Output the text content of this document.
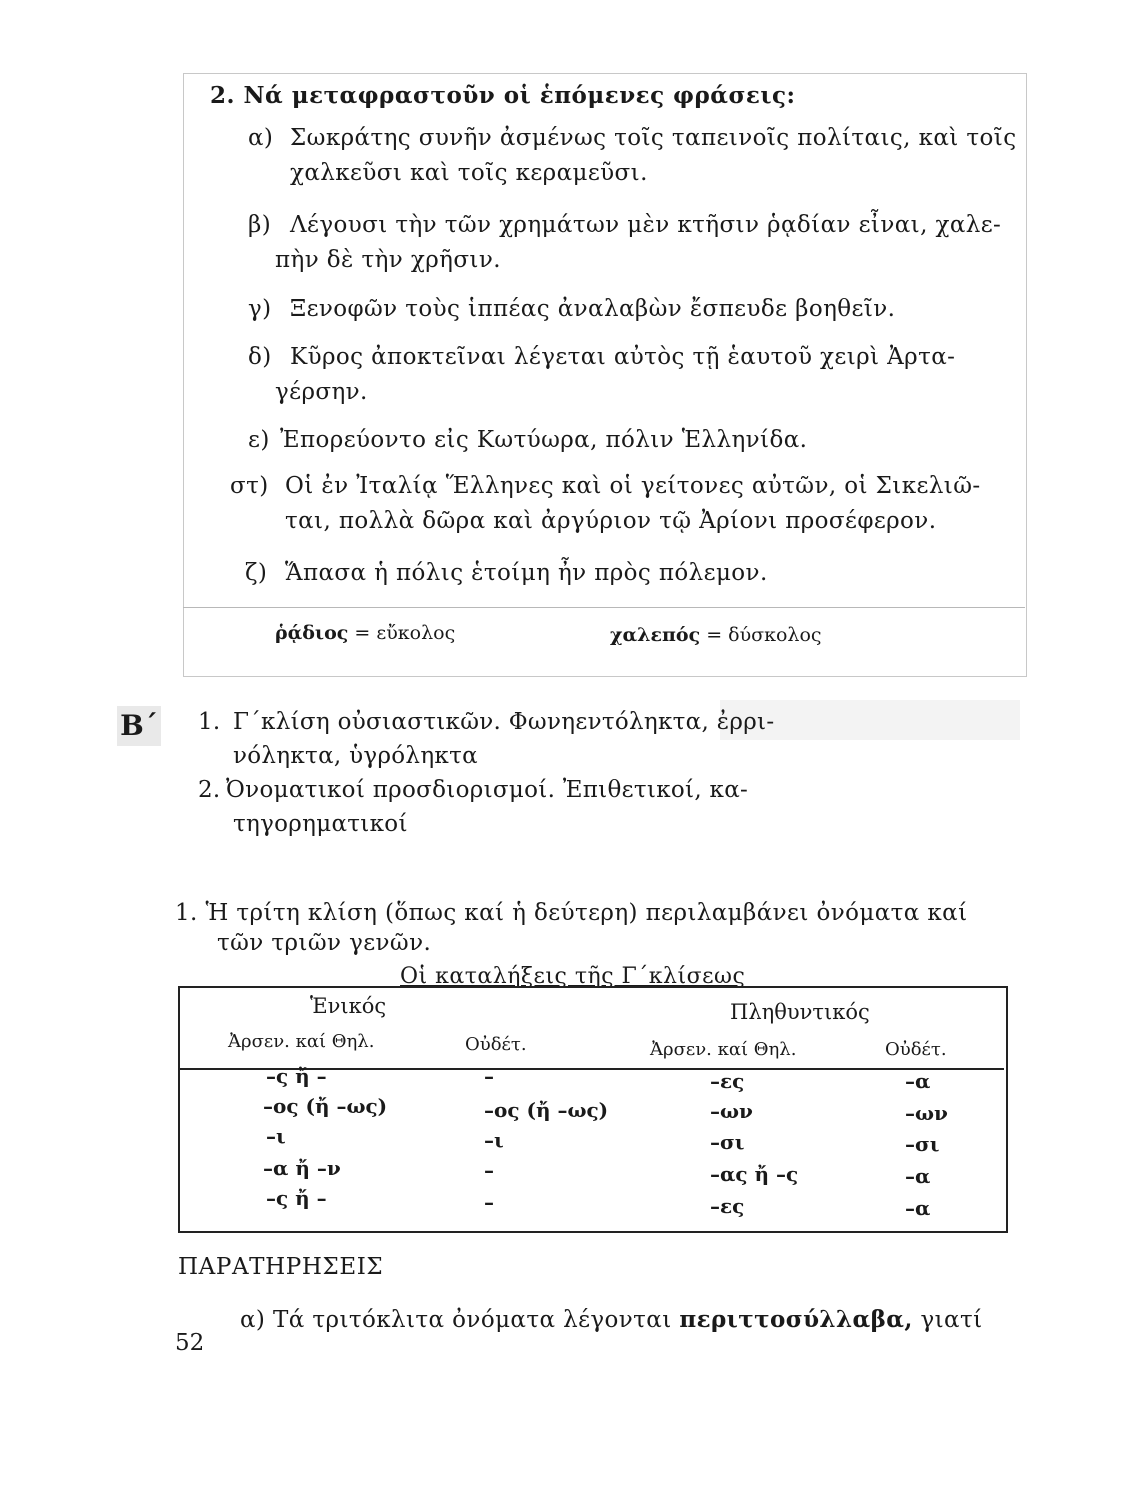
2. Νά μεταφραστοῦν οἱ ἑπόμενες φράσεις:
α) Σωκράτης συνῆν ἀσμένως τοῖς ταπεινοῖς πολίταις, καὶ τοῖς
χαλκεῦσι καὶ τοῖς κεραμεῦσι.
β) Λέγουσι τὴν τῶν χρημάτων μὲν κτῆσιν ῥᾳδίαν εἶναι, χαλε-
πὴν δὲ τὴν χρῆσιν.
γ) Ξενοφῶν τοὺς ἱππέας ἀναλαβὼν ἔσπευδε βοηθεῖν.
δ) Κῦρος ἀποκτεῖναι λέγεται αὐτὸς τῇ ἑαυτοῦ χειρὶ Ἀρτα-
γέρσην.
ε) Ἐπορεύοντο εἰς Κωτύωρα, πόλιν Ἑλληνίδα.
στ) Οἱ ἐν Ἰταλίᾳ Ἕλληνες καὶ οἱ γείτονες αὐτῶν, οἱ Σικελιῶ-
ται, πολλὰ δῶρα καὶ ἀργύριον τῷ Ἀρίονι προσέφερον.
ζ) Ἅπασα ἡ πόλις ἑτοίμη ἦν πρὸς πόλεμον.
ῥᾴδιος = εὔκολος	χαλεπός = δύσκολος
Β΄ 1. Γ΄κλίση οὐσιαστικῶν. Φωνηεντόληκτα, ἐρρι-
νόληκτα, ὑγρόληκτα
2. Ὀνοματικοί προσδιορισμοί. Ἐπιθετικοί, κα-
τηγορηματικοί
1. Ἡ τρίτη κλίση (ὅπως καί ἡ δεύτερη) περιλαμβάνει ὀνόματα καί
τῶν τριῶν γενῶν.
Οἱ καταλήξεις τῆς Γ΄κλίσεως
Ἑνικός	Πληθυντικός
Ἀρσεν. καί Θηλ.	Οὐδέτ.	Ἀρσεν. καί Θηλ.	Οὐδέτ.
–ς ἤ –	–	–ες	–α
–ος (ἤ –ως)	–ος (ἤ –ως)	–ων	–ων
–ι	–ι	–σι	–σι
–α ἤ –ν	–	–ας ἤ –ς	–α
–ς ἤ –	–	–ες	–α
ΠΑΡΑΤΗΡΗΣΕΙΣ
α) Τά τριτόκλιτα ὀνόματα λέγονται περιττοσύλλαβα, γιατί
52
